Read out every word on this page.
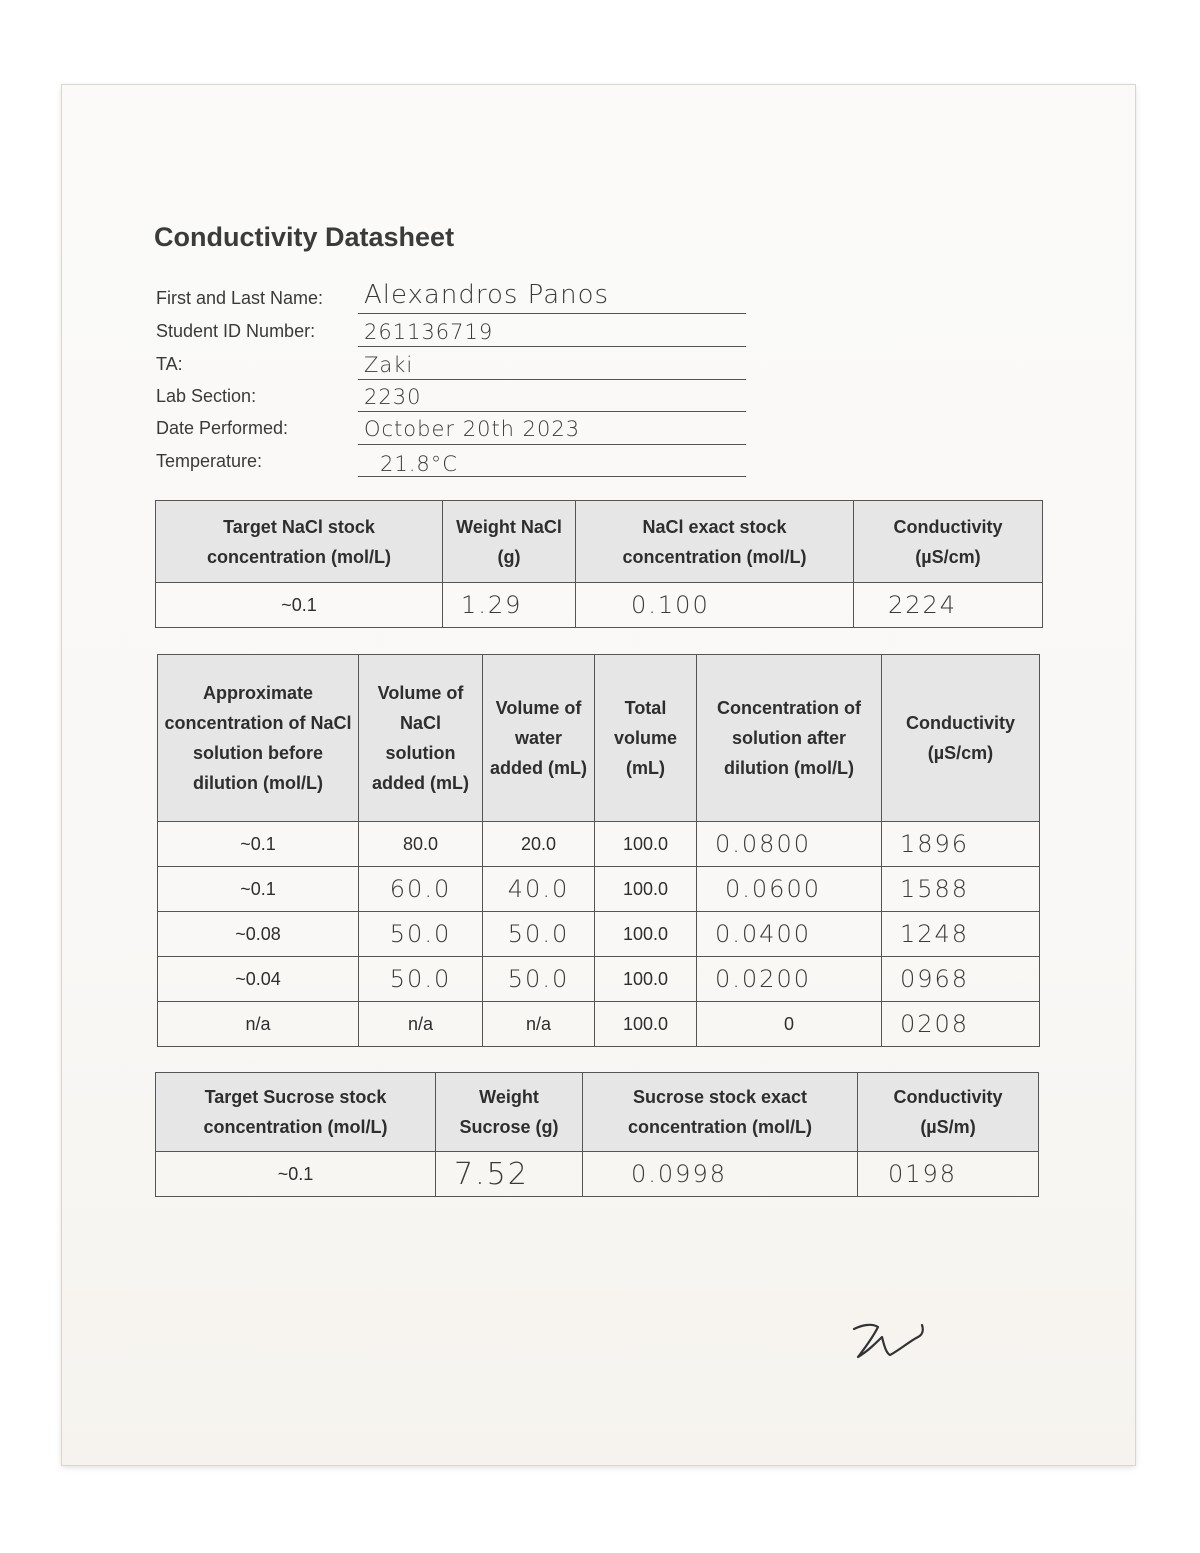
Conductivity Datasheet
First and Last Name: Alexandros Panos
Student ID Number: 261136719
TA:	Zaki
Lab Section:	2230
Date Performed:	October 20th 2023
Temperature:	21.8°C
Target NaCl stock concentration (mol/L)	Weight NaCl (g)	NaCl exact stock concentration (mol/L)	Conductivity (µS/cm)
~0.1	1.29	0.100	2224
Approximate concentration of NaCl solution before dilution (mol/L)	Volume of NaCl solution added (mL)	Volume of water added (mL)	Total volume (mL)	Concentration of solution after dilution (mol/L)	Conductivity (µS/cm)
~0.1	80.0	20.0	100.0	0.0800	1896
~0.1	60.0	40.0	100.0	0.0600	1588
~0.08	50.0	50.0	100.0	0.0400	1248
~0.04	50.0	50.0	100.0	0.0200	0968
n/a	n/a	n/a	100.0	0	0208
Target Sucrose stock concentration (mol/L)	Weight Sucrose (g)	Sucrose stock exact concentration (mol/L)	Conductivity (µS/m)
~0.1	7.52	0.0998	0198
